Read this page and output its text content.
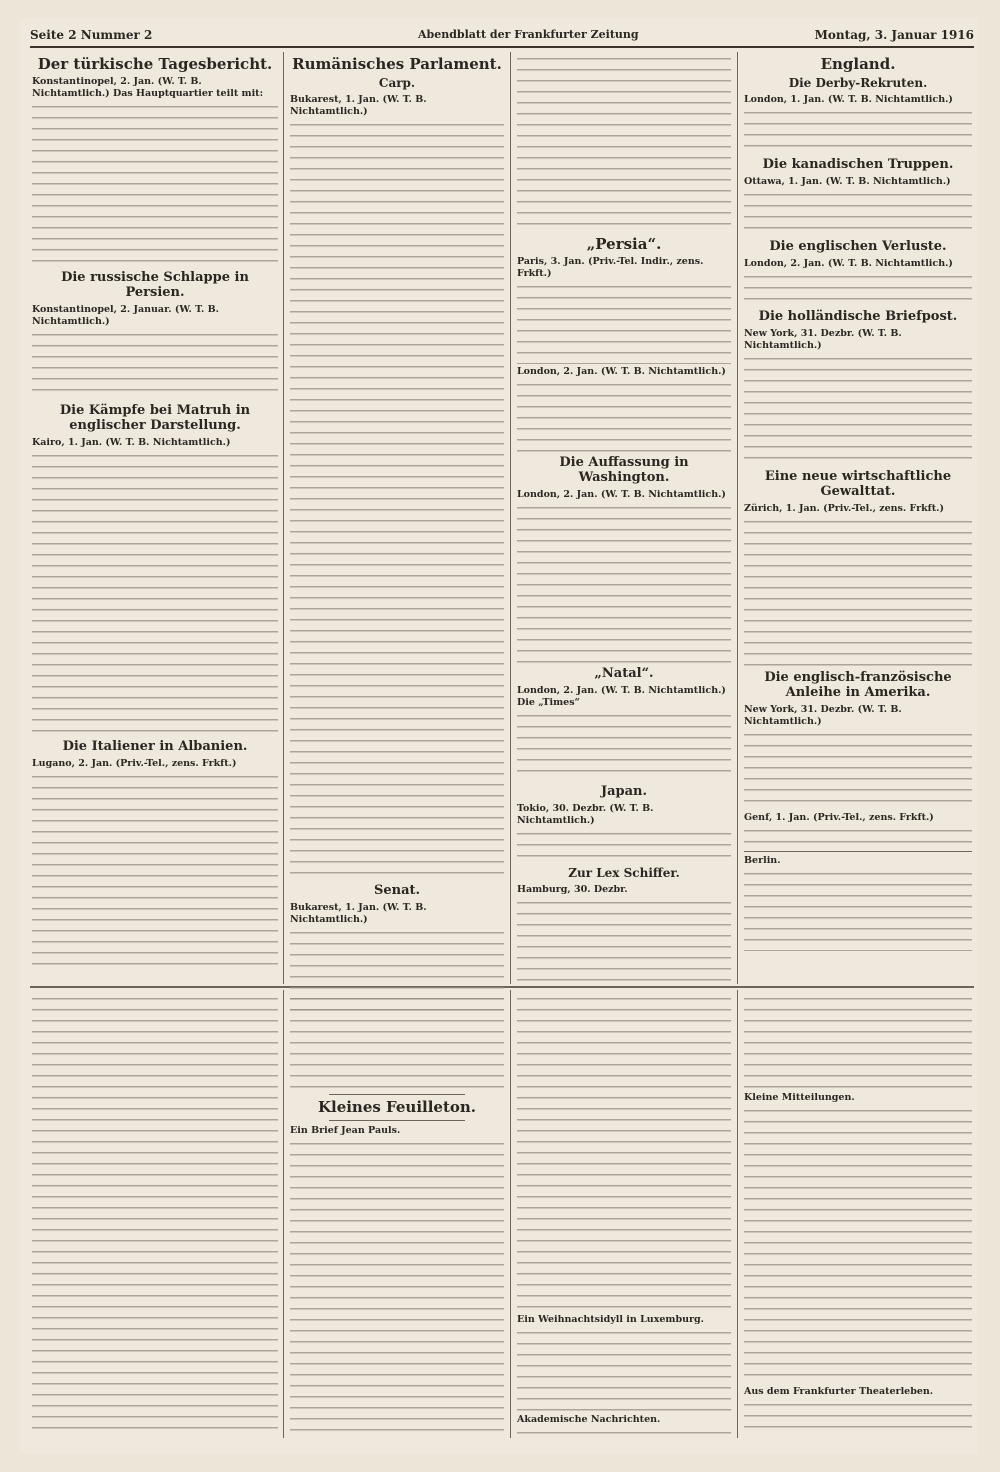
Seite 2 Nummer 2	Abendblatt der Frankfurter Zeitung	Montag, 3. Januar 1916
Der türkische Tagesbericht.
Konstantinopel, 2. Jan. (W. T. B. Nichtamtlich.) Das Hauptquartier teilt mit:
Die russische Schlappe in Persien.
Konstantinopel, 2. Januar. (W. T. B. Nichtamtlich.)
Die Kämpfe bei Matruh in englischer Darstellung.
Kairo, 1. Jan. (W. T. B. Nichtamtlich.)
Die Italiener in Albanien.
Lugano, 2. Jan. (Priv.-Tel., zens. Frkft.)
Rumänisches Parlament.
Carp.
Bukarest, 1. Jan. (W. T. B. Nichtamtlich.)
Senat.
Bukarest, 1. Jan. (W. T. B. Nichtamtlich.)
„Persia“.
Paris, 3. Jan. (Priv.-Tel. Indir., zens. Frkft.)
London, 2. Jan. (W. T. B. Nichtamtlich.)
Die Auffassung in Washington.
London, 2. Jan. (W. T. B. Nichtamtlich.)
„Natal“.
London, 2. Jan. (W. T. B. Nichtamtlich.) Die „Times“
Japan.
Tokio, 30. Dezbr. (W. T. B. Nichtamtlich.)
Zur Lex Schiffer.
Hamburg, 30. Dezbr.
England.
Die Derby-Rekruten.
London, 1. Jan. (W. T. B. Nichtamtlich.)
Die kanadischen Truppen.
Ottawa, 1. Jan. (W. T. B. Nichtamtlich.)
Die englischen Verluste.
London, 2. Jan. (W. T. B. Nichtamtlich.)
Die holländische Briefpost.
New York, 31. Dezbr. (W. T. B. Nichtamtlich.)
Eine neue wirtschaftliche Gewalttat.
Zürich, 1. Jan. (Priv.-Tel., zens. Frkft.)
Die englisch-französische Anleihe in Amerika.
New York, 31. Dezbr. (W. T. B. Nichtamtlich.)
Genf, 1. Jan. (Priv.-Tel., zens. Frkft.)
Berlin.
Kleines Feuilleton.
Ein Brief Jean Pauls.
Ein Weihnachtsidyll in Luxemburg.
Akademische Nachrichten.
Kleine Mitteilungen.
Aus dem Frankfurter Theaterleben.
